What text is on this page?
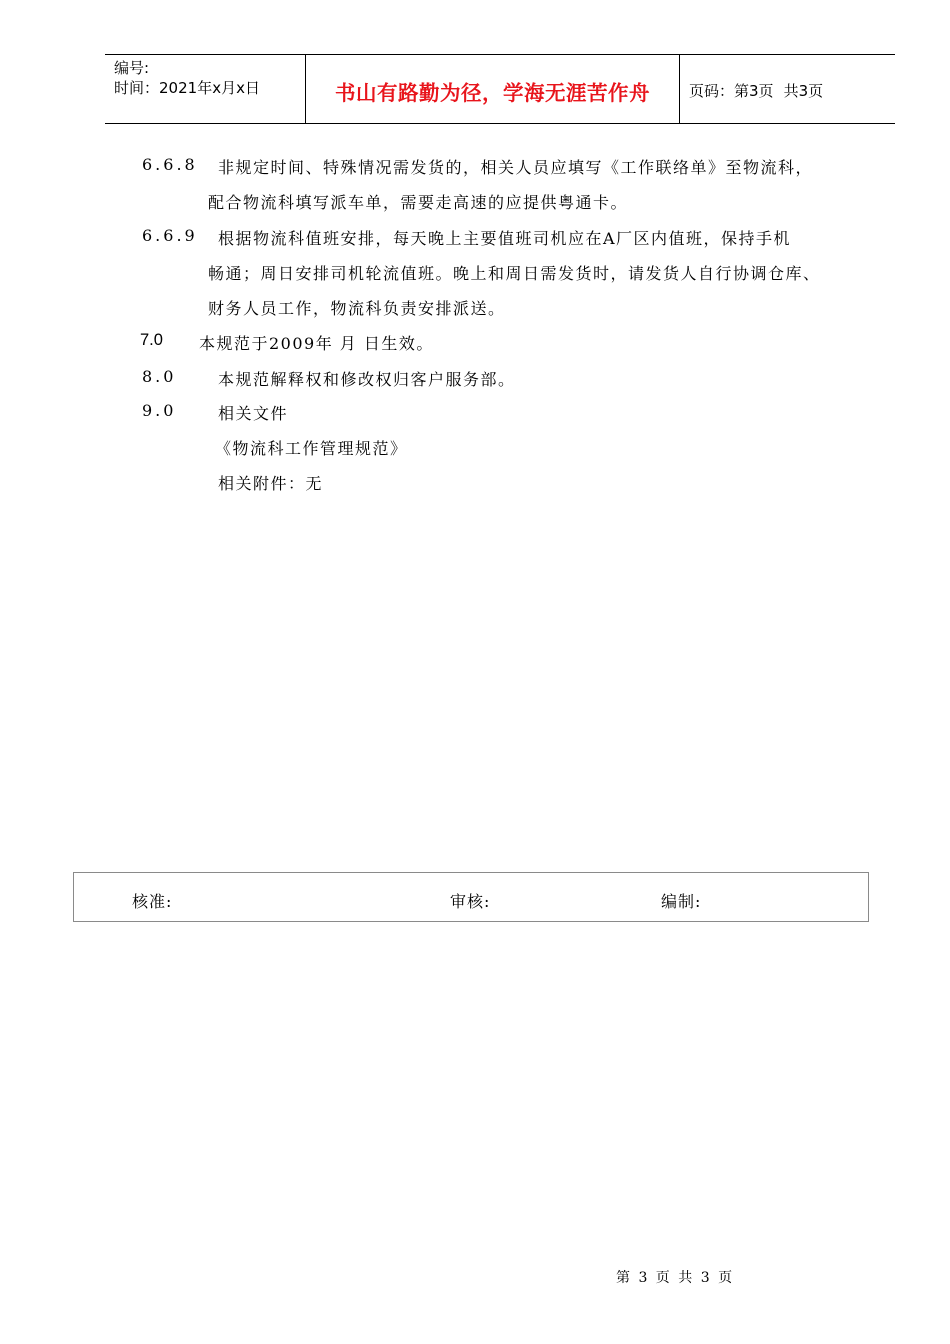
编号:
时间：2021年x月x日	书山有路勤为径，学海无涯苦作舟	页码： 第3页 共3页
6.6.8 非规定时间、特殊情况需发货的，相关人员应填写《工作联络单》至物流科，
配合物流科填写派车单，需要走高速的应提供粤通卡。
6.6.9 根据物流科值班安排，每天晚上主要值班司机应在A厂区内值班，保持手机
畅通；周日安排司机轮流值班。晚上和周日需发货时，请发货人自行协调仓库、
财务人员工作，物流科负责安排派送。
7.0 本规范于2009年 月 日生效。
8.0	本规范解释权和修改权归客户服务部。
9.0	相关文件
《物流科工作管理规范》
相关附件：无
核准:	审核:	编制:
第 3 页 共 3 页
